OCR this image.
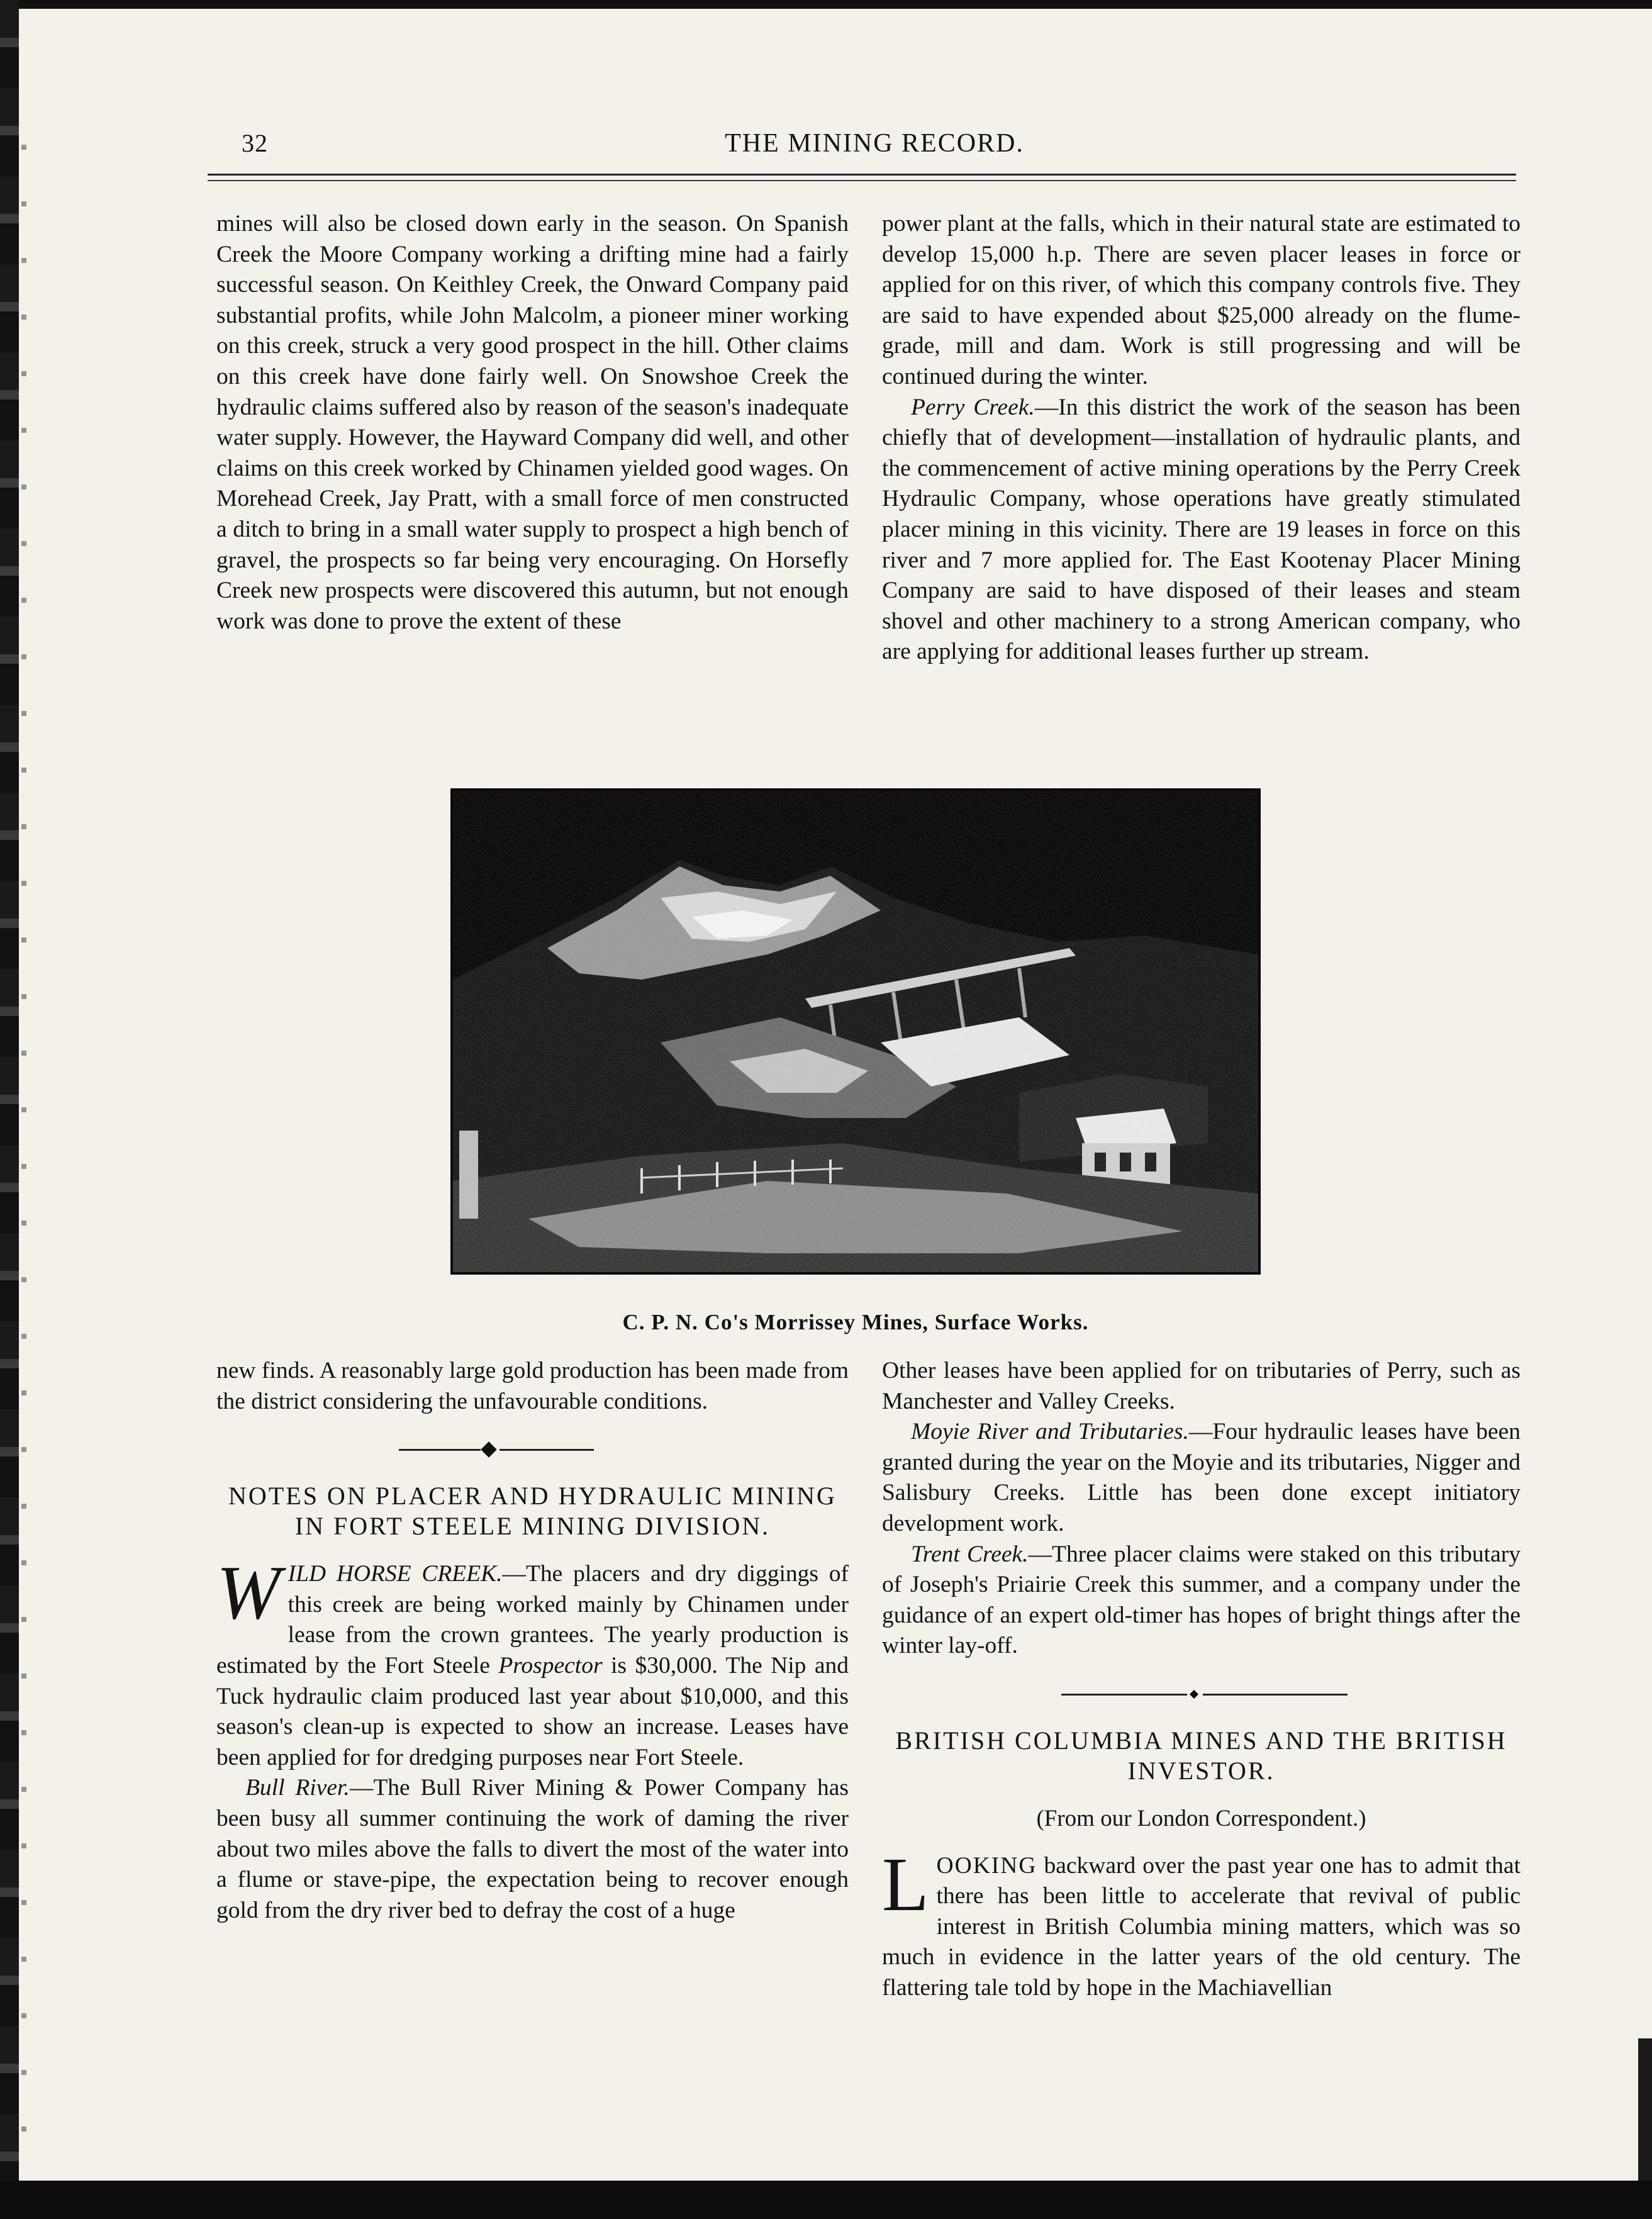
32	THE MINING RECORD.

mines will also be closed down early in the season. On Spanish Creek the Moore Company working a drifting mine had a fairly successful season. On Keithley Creek, the Onward Company paid substantial profits, while John Malcolm, a pioneer miner working on this creek, struck a very good prospect in the hill. Other claims on this creek have done fairly well. On Snowshoe Creek the hydraulic claims suffered also by reason of the season's inadequate water supply. However, the Hayward Company did well, and other claims on this creek worked by Chinamen yielded good wages. On Morehead Creek, Jay Pratt, with a small force of men constructed a ditch to bring in a small water supply to prospect a high bench of gravel, the prospects so far being very encouraging. On Horsefly Creek new prospects were discovered this autumn, but not enough work was done to prove the extent of these

power plant at the falls, which in their natural state are estimated to develop 15,000 h.p. There are seven placer leases in force or applied for on this river, of which this company controls five. They are said to have expended about $25,000 already on the flume-grade, mill and dam. Work is still progressing and will be continued during the winter.

Perry Creek.—In this district the work of the season has been chiefly that of development—installation of hydraulic plants, and the commencement of active mining operations by the Perry Creek Hydraulic Company, whose operations have greatly stimulated placer mining in this vicinity. There are 19 leases in force on this river and 7 more applied for. The East Kootenay Placer Mining Company are said to have disposed of their leases and steam shovel and other machinery to a strong American company, who are applying for additional leases further up stream.

C. P. N. Co's Morrissey Mines, Surface Works.

new finds. A reasonably large gold production has been made from the district considering the unfavourable conditions.

NOTES ON PLACER AND HYDRAULIC MINING IN FORT STEELE MINING DIVISION.

WILD HORSE CREEK.—The placers and dry diggings of this creek are being worked mainly by Chinamen under lease from the crown grantees. The yearly production is estimated by the Fort Steele Prospector is $30,000. The Nip and Tuck hydraulic claim produced last year about $10,000, and this season's clean-up is expected to show an increase. Leases have been applied for for dredging purposes near Fort Steele.

Bull River.—The Bull River Mining & Power Company has been busy all summer continuing the work of daming the river about two miles above the falls to divert the most of the water into a flume or stave-pipe, the expectation being to recover enough gold from the dry river bed to defray the cost of a huge

Other leases have been applied for on tributaries of Perry, such as Manchester and Valley Creeks.

Moyie River and Tributaries.—Four hydraulic leases have been granted during the year on the Moyie and its tributaries, Nigger and Salisbury Creeks. Little has been done except initiatory development work.

Trent Creek.—Three placer claims were staked on this tributary of Joseph's Priairie Creek this summer, and a company under the guidance of an expert old-timer has hopes of bright things after the winter lay-off.

BRITISH COLUMBIA MINES AND THE BRITISH INVESTOR.
(From our London Correspondent.)

LOOKING backward over the past year one has to admit that there has been little to accelerate that revival of public interest in British Columbia mining matters, which was so much in evidence in the latter years of the old century. The flattering tale told by hope in the Machiavellian
